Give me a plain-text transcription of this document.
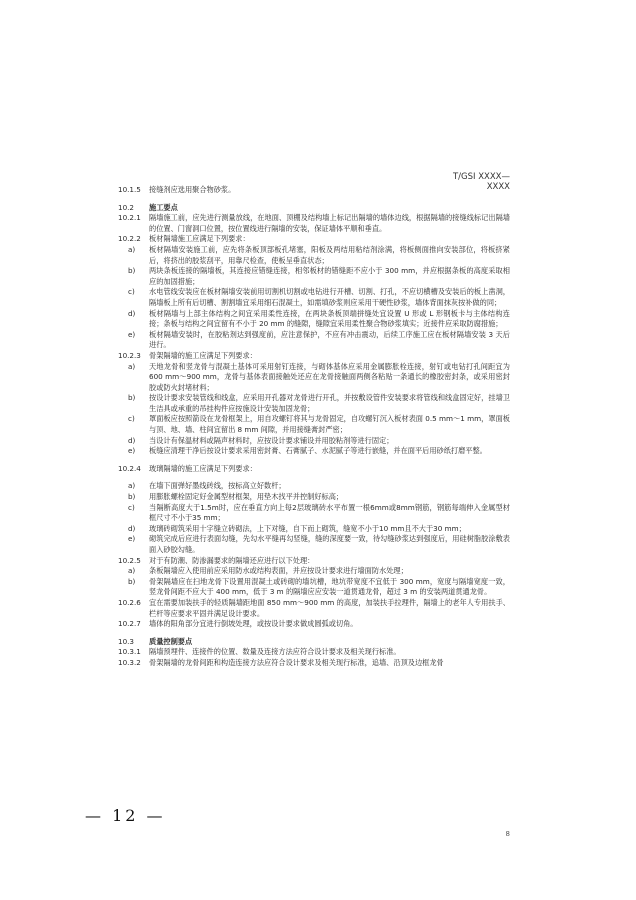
T/GSI XXXX—XXXX
10.1.5 接缝剂应选用聚合物砂浆。
10.2 施工要点
10.2.1 隔墙施工前，应先进行测量放线，在地面、顶棚及结构墙上标记出隔墙的墙体边线，根据隔墙的接缝线标记出隔墙的位置、门窗洞口位置，按位置线进行隔墙的安装，保证墙体平顺和垂直。
10.2.2 板材隔墙施工应满足下列要求：
a) 板材隔墙安装施工前，应先将条板顶部板孔堵塞，阳板及两结用粘结剂涂满，将板侧面推向安装部位，将板挤紧后，将挤出的胶浆刮平，用靠尺检查，使板呈垂直状态；
b) 两块条板连接的隔墙板，其连接应错缝连接，相邻板材的错缝距不应小于 300 mm，并应根据条板的高度采取相应的加固措施；
c) 水电管线安装应在板材隔墙安装前用切割机切割或电钻进行开槽、切割、打孔，不应切横槽及安装后的板上凿洞，隔墙板上所有后切槽、割割墙宜采用细石混凝土，如需填砂浆则应采用干硬性砂浆，墙体背面抹灰按补做的同；
d) 板材隔墙与上部主体结构之间宜采用柔性连接，在两块条板顶端拼缝处宜设置 U 形或 L 形钢板卡与主体结构连接；条板与结构之间宜留有不小于 20 mm 的缝隙，缝隙宜采用柔性聚合物砂浆填实；近接件应采取防腐措施；
e) 板材隔墙安装时，在胶粘剂达到强度前，应注意保护，不应有冲击震动，后续工序施工应在板材隔墙安装 3 天后进行。
10.2.3 骨架隔墙的施工应满足下列要求：
a) 天地龙骨和竖龙骨与混凝土基体可采用射钉连接，与砌体基体应采用金属膨胀栓连接，射钉或电钻打孔间距宜为 600 mm～900 mm，龙骨与基体表面接触处还应在龙骨接触面两侧各粘贴一条通长的橡胶密封条，或采用密封胶或防火封堵材料；
b) 按设计要求安装管线和线盒，应采用开孔器对龙骨进行开孔，并按敷设管件安装要求将管线和线盒固定好，挂墙卫生洁具或承重的吊挂构件应按施设计安装加固龙骨；
c) 罩面板应按照箭设在龙骨框架上，用自攻螺钉将其与龙骨固定，自攻螺钉沉入板材表面 0.5 mm～1 mm，罩面板与顶、地、墙、柱间宜留出 8 mm 间隙，并用接缝膏封严密；
d) 当设计有保温材料或隔声材料时，应按设计要求铺设并用胶粘剂等进行固定；
e) 板缝应清理干净后按设计要求采用密封膏、石膏腻子、水泥腻子等进行嵌缝，并在面平后用砂纸打磨平整。
10.2.4 玻璃隔墙的施工应满足下列要求：
a) 在墙下面弹好墨线砖线，按标高立好数杆；
b) 用膨胀螺栓固定好金属型材框架，用垫木找平并控制好标高；
c) 当隔断高度大于1.5m时，应在垂直方向上每2层玻璃砖水平布置一根6mm或8mm钢筋，钢筋每端伸入金属型材框尺寸不小于35 mm；
d) 玻璃砖砌筑采用十字缝立砖砌法，上下对缝，自下而上砌筑，缝宽不小于10 mm且不大于30 mm；
e) 砌筑完成后应进行表面勾缝，先勾水平缝再勾竖缝，缝的深度要一致，待勾缝砂浆达到强度后，用硅树脂胶涂敷表面入砂胶勾缝。
10.2.5 对于有防潮、防渗漏要求的隔墙还应进行以下处理：
a) 条板隔墙应入使用前应采用防水或结构表面，并应按设计要求进行墙面防水处理；
b) 骨架隔墙应在扫地龙骨下设置用混凝土或砖砌的墙坑槽，地坑带宽度不宜低于 300 mm，宽度与隔墙宽度一致，竖龙骨间距不应大于 400 mm，低于 3 m 的隔墙应应安装一道贯通龙骨，超过 3 m 的安装两道贯通龙骨。
10.2.6 宜在需要加装扶手的轻质隔墙距地面 850 mm～900 mm 的高度，加装扶手拉理件，隔墙上的老年人专用扶手、栏杆等应要求平固并满足设计要求。
10.2.7 墙体的阳角部分宜进行倒坡处理，或按设计要求做成圆弧或切角。
10.3 质量控制要点
10.3.1 隔墙预埋件、连接件的位置、数量及连接方法应符合设计要求及相关现行标准。
10.3.2 骨架隔墙的龙骨间距和构造连接方法应符合设计要求及相关现行标准，追墙、沿顶及边框龙骨
8
— 12 —
